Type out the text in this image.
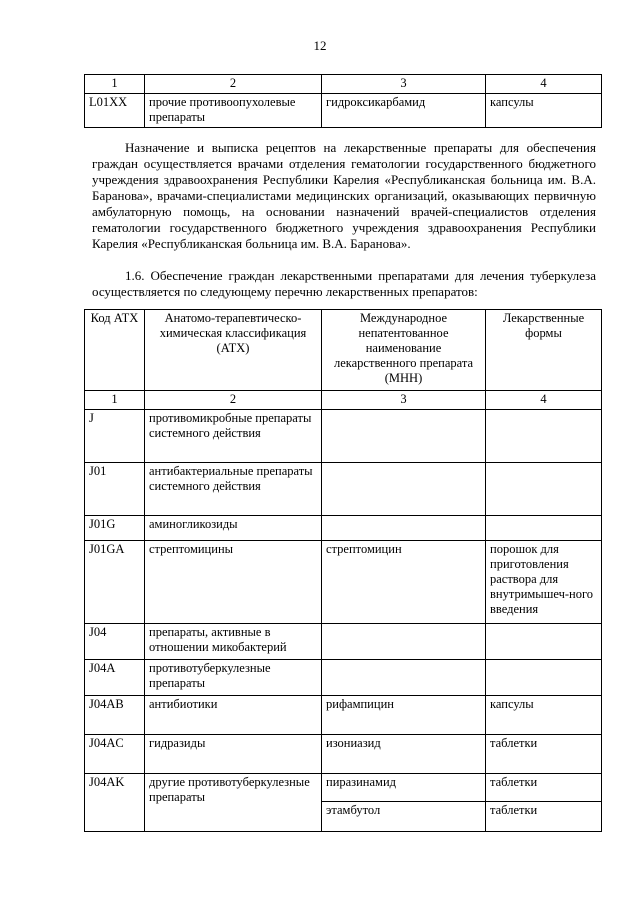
12
1	2	3	4
L01XX	прочие противоопухолевые препараты	гидроксикарбамид	капсулы
Назначение и выписка рецептов на лекарственные препараты для обеспечения граждан осуществляется врачами отделения гематологии государственного бюджетного учреждения здравоохранения Республики Карелия «Республиканская больница им. В.А. Баранова», врачами-специалистами медицинских организаций, оказывающих первичную амбулаторную помощь, на основании назначений врачей-специалистов отделения гематологии государственного бюджетного учреждения здравоохранения Республики Карелия «Республиканская больница им. В.А. Баранова».
1.6. Обеспечение граждан лекарственными препаратами для лечения туберкулеза осуществляется по следующему перечню лекарственных препаратов:
Код АТХ	Анатомо-терапевтическо-химическая классификация (АТХ)	Международное непатентованное наименование лекарственного препарата (МНН)	Лекарственные формы
1	2	3	4
J	противомикробные препараты системного действия		
J01	антибактериальные препараты системного действия		
J01G	аминогликозиды		
J01GA	стрептомицины	стрептомицин	порошок для приготовления раствора для внутримышеч-ного введения
J04	препараты, активные в отношении микобактерий		
J04A	противотуберкулезные препараты		
J04AB	антибиотики	рифампицин	капсулы
J04AC	гидразиды	изониазид	таблетки
J04AK	другие противотуберкулезные препараты	пиразинамид	таблетки
		этамбутол	таблетки
